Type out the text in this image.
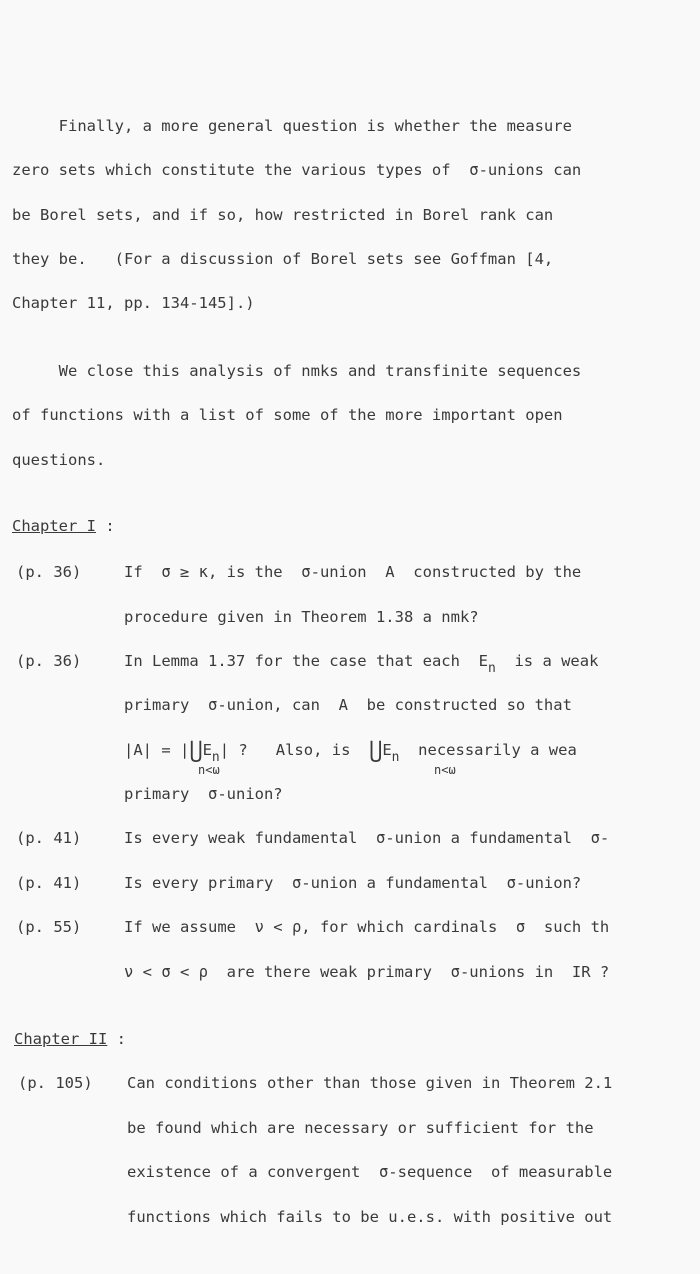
Finally, a more general question is whether the measure
zero sets which constitute the various types of  σ-unions can
be Borel sets, and if so, how restricted in Borel rank can
they be.   (For a discussion of Borel sets see Goffman [4,
Chapter 11, pp. 134-145].)
We close this analysis of nmks and transfinite sequences
of functions with a list of some of the more important open
questions.
Chapter I :
(p. 36)	If  σ ≥ κ, is the  σ-union  A  constructed by the
procedure given in Theorem 1.38 a nmk?
(p. 36)	In Lemma 1.37 for the case that each  $E_n$  is a weak
primary  σ-union, can  A  be constructed so that
$|A| = |⋃E_n|$ ?   Also, is $⋃E_n$  necessarily a wea
n<ω	n<ω
primary  σ-union?
(p. 41)	Is every weak fundamental  σ-union a fundamental  σ-
(p. 41)	Is every primary  σ-union a fundamental  σ-union?
(p. 55)	If we assume  ν < ρ, for which cardinals  σ  such th
ν < σ < ρ  are there weak primary  σ-unions in  IR ?
Chapter II :
(p. 105) Can conditions other than those given in Theorem 2.1
be found which are necessary or sufficient for the
existence of a convergent  σ-sequence  of measurable
functions which fails to be u.e.s. with positive out
